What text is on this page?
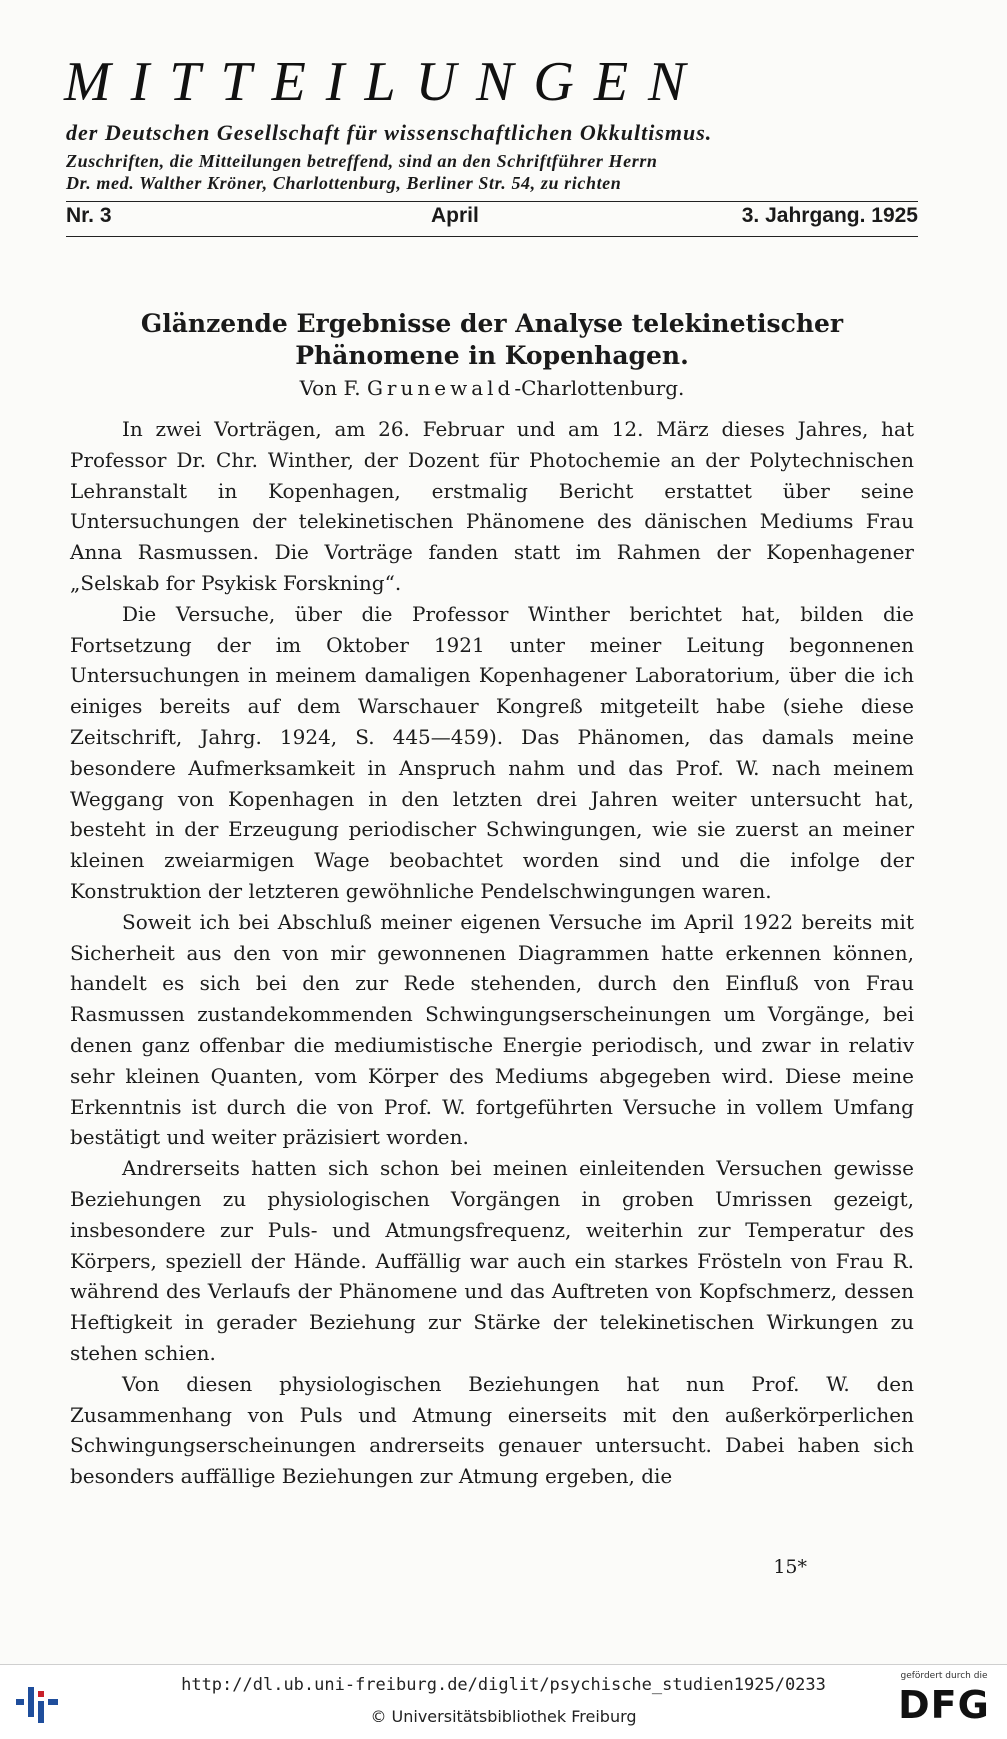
MITTEILUNGEN
der Deutschen Gesellschaft für wissenschaftlichen Okkultismus.
Zuschriften, die Mitteilungen betreffend, sind an den Schriftführer Herrn
Dr. med. Walther Kröner, Charlottenburg, Berliner Str. 54, zu richten
Nr. 3	April	3. Jahrgang. 1925
Glänzende Ergebnisse der Analyse telekinetischer
Phänomene in Kopenhagen.
Von F. Grunewald-Charlottenburg.

In zwei Vorträgen, am 26. Februar und am 12. März dieses Jahres, hat Professor Dr. Chr. Winther, der Dozent für Photochemie an der Polytechnischen Lehranstalt in Kopenhagen, erstmalig Bericht erstattet über seine Untersuchungen der telekinetischen Phänomene des dänischen Mediums Frau Anna Rasmussen. Die Vorträge fanden statt im Rahmen der Kopenhagener „Selskab for Psykisk Forskning“.

Die Versuche, über die Professor Winther berichtet hat, bilden die Fortsetzung der im Oktober 1921 unter meiner Leitung begonnenen Untersuchungen in meinem damaligen Kopenhagener Laboratorium, über die ich einiges bereits auf dem Warschauer Kongreß mitgeteilt habe (siehe diese Zeitschrift, Jahrg. 1924, S. 445—459). Das Phänomen, das damals meine besondere Aufmerksamkeit in Anspruch nahm und das Prof. W. nach meinem Weggang von Kopenhagen in den letzten drei Jahren weiter untersucht hat, besteht in der Erzeugung periodischer Schwingungen, wie sie zuerst an meiner kleinen zweiarmigen Wage beobachtet worden sind und die infolge der Konstruktion der letzteren gewöhnliche Pendelschwingungen waren.

Soweit ich bei Abschluß meiner eigenen Versuche im April 1922 bereits mit Sicherheit aus den von mir gewonnenen Diagrammen hatte erkennen können, handelt es sich bei den zur Rede stehenden, durch den Einfluß von Frau Rasmussen zustandekommenden Schwingungserscheinungen um Vorgänge, bei denen ganz offenbar die mediumistische Energie periodisch, und zwar in relativ sehr kleinen Quanten, vom Körper des Mediums abgegeben wird. Diese meine Erkenntnis ist durch die von Prof. W. fortgeführten Versuche in vollem Umfang bestätigt und weiter präzisiert worden.

Andrerseits hatten sich schon bei meinen einleitenden Versuchen gewisse Beziehungen zu physiologischen Vorgängen in groben Umrissen gezeigt, insbesondere zur Puls- und Atmungsfrequenz, weiterhin zur Temperatur des Körpers, speziell der Hände. Auffällig war auch ein starkes Frösteln von Frau R. während des Verlaufs der Phänomene und das Auftreten von Kopfschmerz, dessen Heftigkeit in gerader Beziehung zur Stärke der telekinetischen Wirkungen zu stehen schien.

Von diesen physiologischen Beziehungen hat nun Prof. W. den Zusammenhang von Puls und Atmung einerseits mit den außerkörperlichen Schwingungserscheinungen andrerseits genauer untersucht. Dabei haben sich besonders auffällige Beziehungen zur Atmung ergeben, die

15*
http://dl.ub.uni-freiburg.de/diglit/psychische_studien1925/0233
© Universitätsbibliothek Freiburg
gefördert durch die
DFG
